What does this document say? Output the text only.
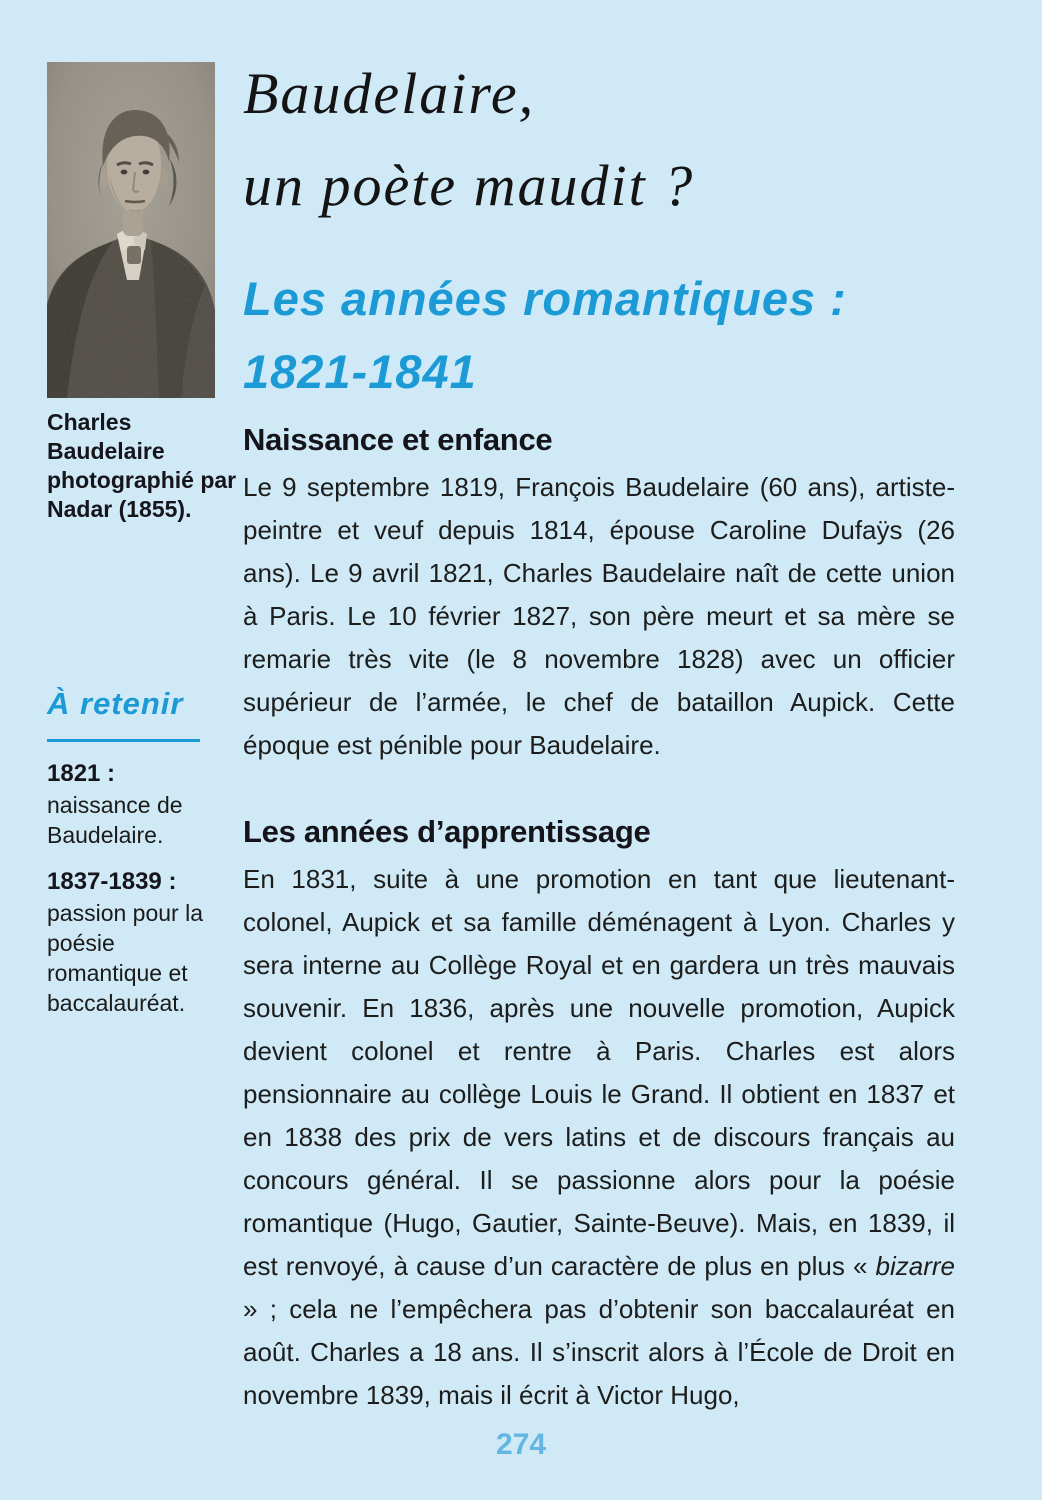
Charles Baudelaire photographié par Nadar (1855).
À retenir
1821 :
naissance de Baudelaire.
1837-1839 :
passion pour la poésie romantique et baccalauréat.
Baudelaire,
un poète maudit ?
Les années romantiques :
1821-1841
Naissance et enfance

Le 9 septembre 1819, François Baudelaire (60 ans), artiste-peintre et veuf depuis 1814, épouse Caroline Dufaÿs (26 ans). Le 9 avril 1821, Charles Baudelaire naît de cette union à Paris. Le 10 février 1827, son père meurt et sa mère se remarie très vite (le 8 novembre 1828) avec un officier supérieur de l’armée, le chef de bataillon Aupick. Cette époque est pénible pour Baudelaire.

Les années d’apprentissage

En 1831, suite à une promotion en tant que lieutenant-colonel, Aupick et sa famille déménagent à Lyon. Charles y sera interne au Collège Royal et en gardera un très mauvais souvenir. En 1836, après une nouvelle promotion, Aupick devient colonel et rentre à Paris. Charles est alors pensionnaire au collège Louis le Grand. Il obtient en 1837 et en 1838 des prix de vers latins et de discours français au concours général. Il se passionne alors pour la poésie romantique (Hugo, Gautier, Sainte-Beuve). Mais, en 1839, il est renvoyé, à cause d’un caractère de plus en plus « bizarre » ; cela ne l’empêchera pas d’obtenir son baccalauréat en août. Charles a 18 ans. Il s’inscrit alors à l’École de Droit en novembre 1839, mais il écrit à Victor Hugo,

274
